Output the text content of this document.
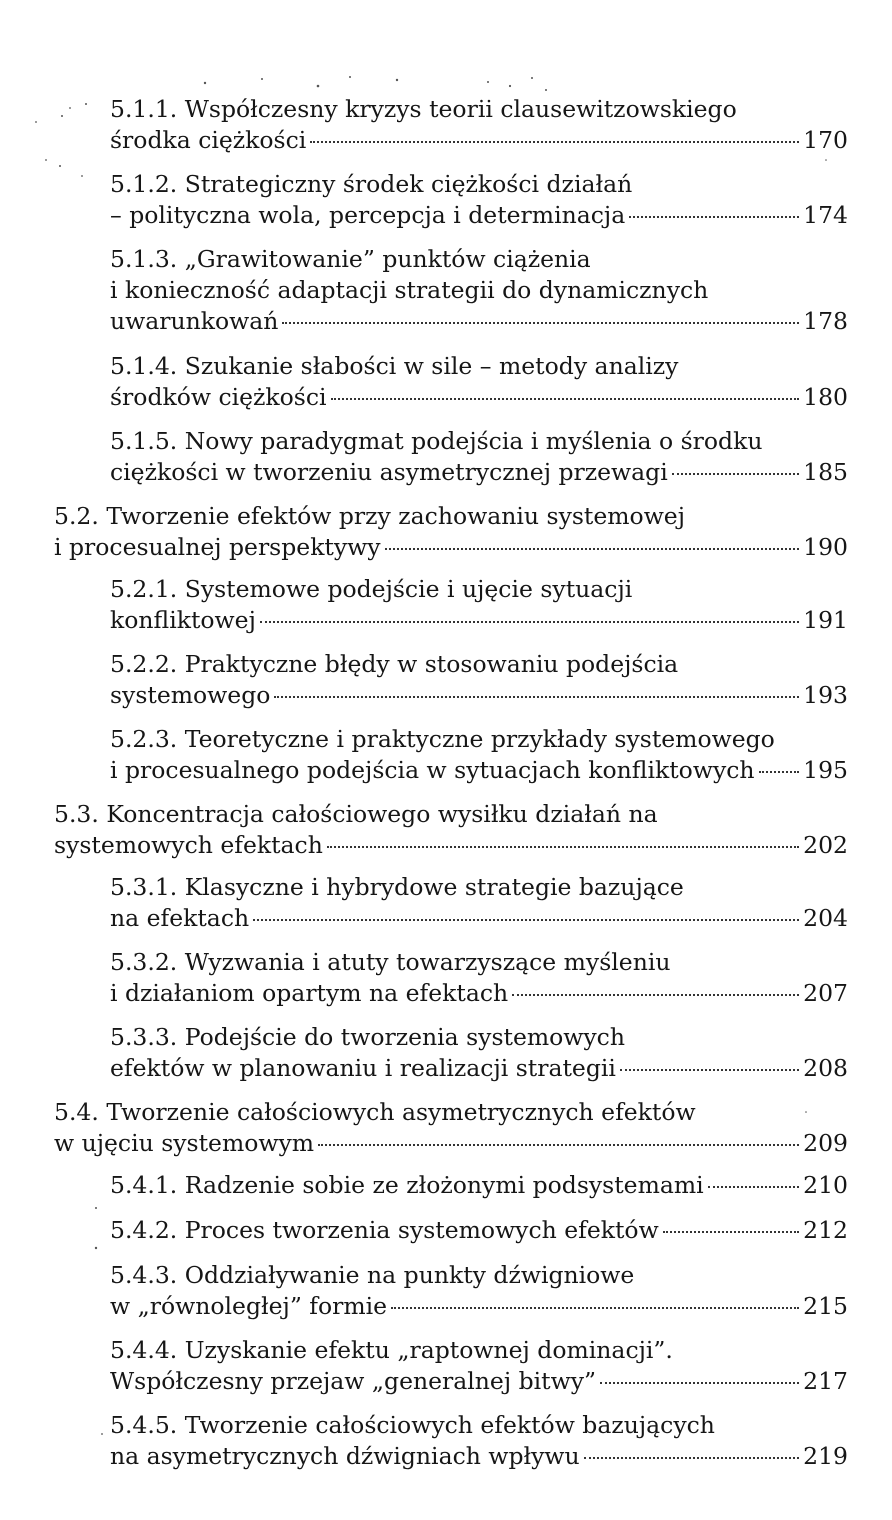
5.1.1. Współczesny kryzys teorii clausewitzowskiego
środka ciężkości	170
5.1.2. Strategiczny środek ciężkości działań
– polityczna wola, percepcja i determinacja	174
5.1.3. „Grawitowanie” punktów ciążenia
i konieczność adaptacji strategii do dynamicznych
uwarunkowań	178
5.1.4. Szukanie słabości w sile – metody analizy
środków ciężkości	180
5.1.5. Nowy paradygmat podejścia i myślenia o środku
ciężkości w tworzeniu asymetrycznej przewagi	185
5.2. Tworzenie efektów przy zachowaniu systemowej
i procesualnej perspektywy	190
5.2.1. Systemowe podejście i ujęcie sytuacji
konfliktowej	191
5.2.2. Praktyczne błędy w stosowaniu podejścia
systemowego	193
5.2.3. Teoretyczne i praktyczne przykłady systemowego
i procesualnego podejścia w sytuacjach konfliktowych 195
5.3. Koncentracja całościowego wysiłku działań na
systemowych efektach	202
5.3.1. Klasyczne i hybrydowe strategie bazujące
na efektach	204
5.3.2. Wyzwania i atuty towarzyszące myśleniu
i działaniom opartym na efektach	207
5.3.3. Podejście do tworzenia systemowych
efektów w planowaniu i realizacji strategii	208
5.4. Tworzenie całościowych asymetrycznych efektów
w ujęciu systemowym	209
5.4.1. Radzenie sobie ze złożonymi podsystemami	210
5.4.2. Proces tworzenia systemowych efektów	212
5.4.3. Oddziaływanie na punkty dźwigniowe
w „równoległej” formie	215
5.4.4. Uzyskanie efektu „raptownej dominacji”.
Współczesny przejaw „generalnej bitwy”	217
5.4.5. Tworzenie całościowych efektów bazujących
na asymetrycznych dźwigniach wpływu	219
